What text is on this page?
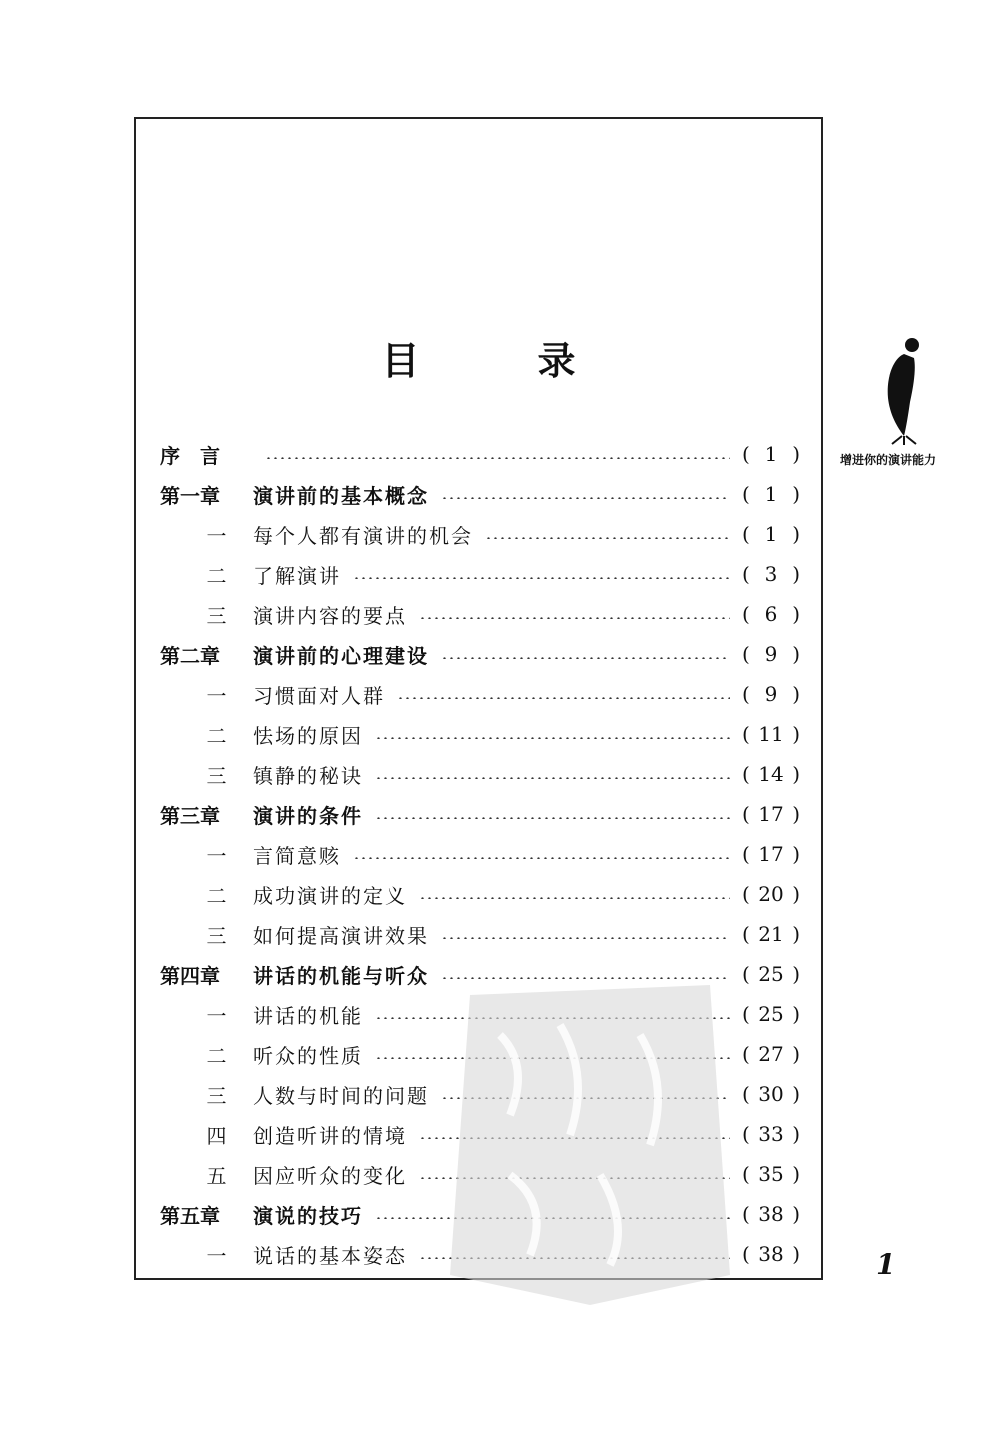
目　录
序　言	( 1 )
第一章	演讲前的基本概念	( 1 )
一	每个人都有演讲的机会	( 1 )
二	了解演讲	( 3 )
三	演讲内容的要点	( 6 )
第二章	演讲前的心理建设	( 9 )
一	习惯面对人群	( 9 )
二	怯场的原因	( 11 )
三	镇静的秘诀	( 14 )
第三章	演讲的条件	( 17 )
一	言简意赅	( 17 )
二	成功演讲的定义	( 20 )
三	如何提高演讲效果	( 21 )
第四章	讲话的机能与听众	( 25 )
一	讲话的机能	( 25 )
二	听众的性质	( 27 )
三	人数与时间的问题	( 30 )
四	创造听讲的情境	( 33 )
五	因应听众的变化	( 35 )
第五章	演说的技巧	( 38 )
一	说话的基本姿态	( 38 )
增进你的演讲能力
1
